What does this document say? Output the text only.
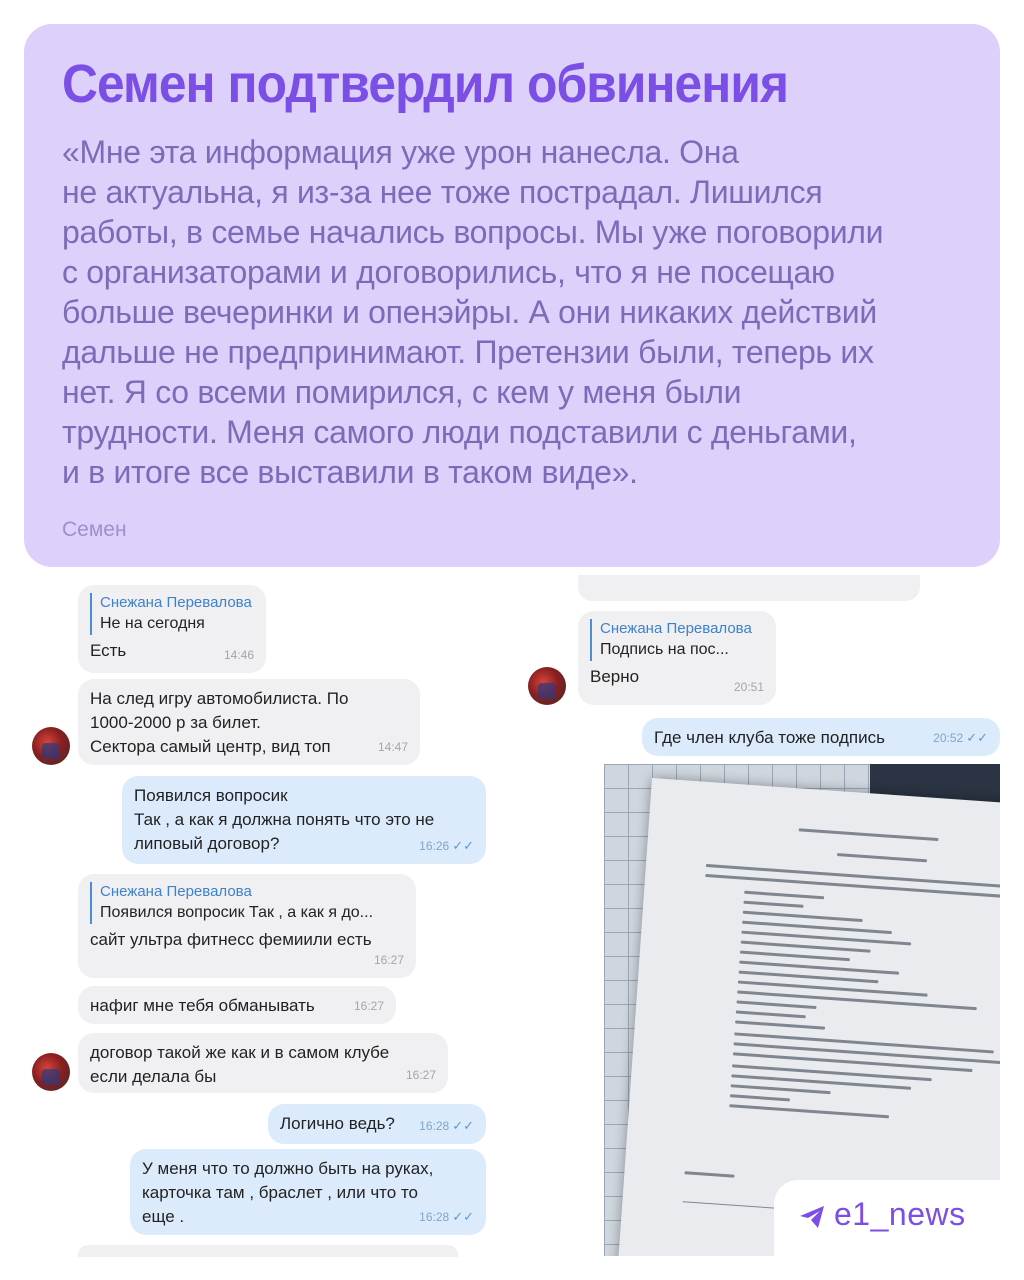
Семен подтвердил обвинения
«Мне эта информация уже урон нанесла. Она
не актуальна, я из-за нее тоже пострадал. Лишился
работы, в семье начались вопросы. Мы уже поговорили
с организаторами и договорились, что я не посещаю
больше вечеринки и опенэйры. А они никаких действий
дальше не предпринимают. Претензии были, теперь их
нет. Я со всеми помирился, с кем у меня были
трудности. Меня самого люди подставили с деньгами,
и в итоге все выставили в таком виде».
Семен
Снежана Перевалова
Не на сегодня
Есть	14:46
На след игру автомобилиста. По
1000-2000 р за билет.
Сектора самый центр, вид топ	14:47
Появился вопросик
Так , а как я должна понять что это не
липовый договор?	16:26 ✓✓
Снежана Перевалова
Появился вопросик Так , а как я до...
сайт ультра фитнесс фемиили есть
16:27
нафиг мне тебя обманывать	16:27
договор такой же как и в самом клубе
если делала бы	16:27
Логично ведь?	16:28 ✓✓
У меня что то должно быть на руках,
карточка там , браслет , или что то
еще .	16:28 ✓✓
Снежана Перевалова
Подпись на пос...
Верно
20:51
Где член клуба тоже подпись	20:52 ✓✓
e1_news
